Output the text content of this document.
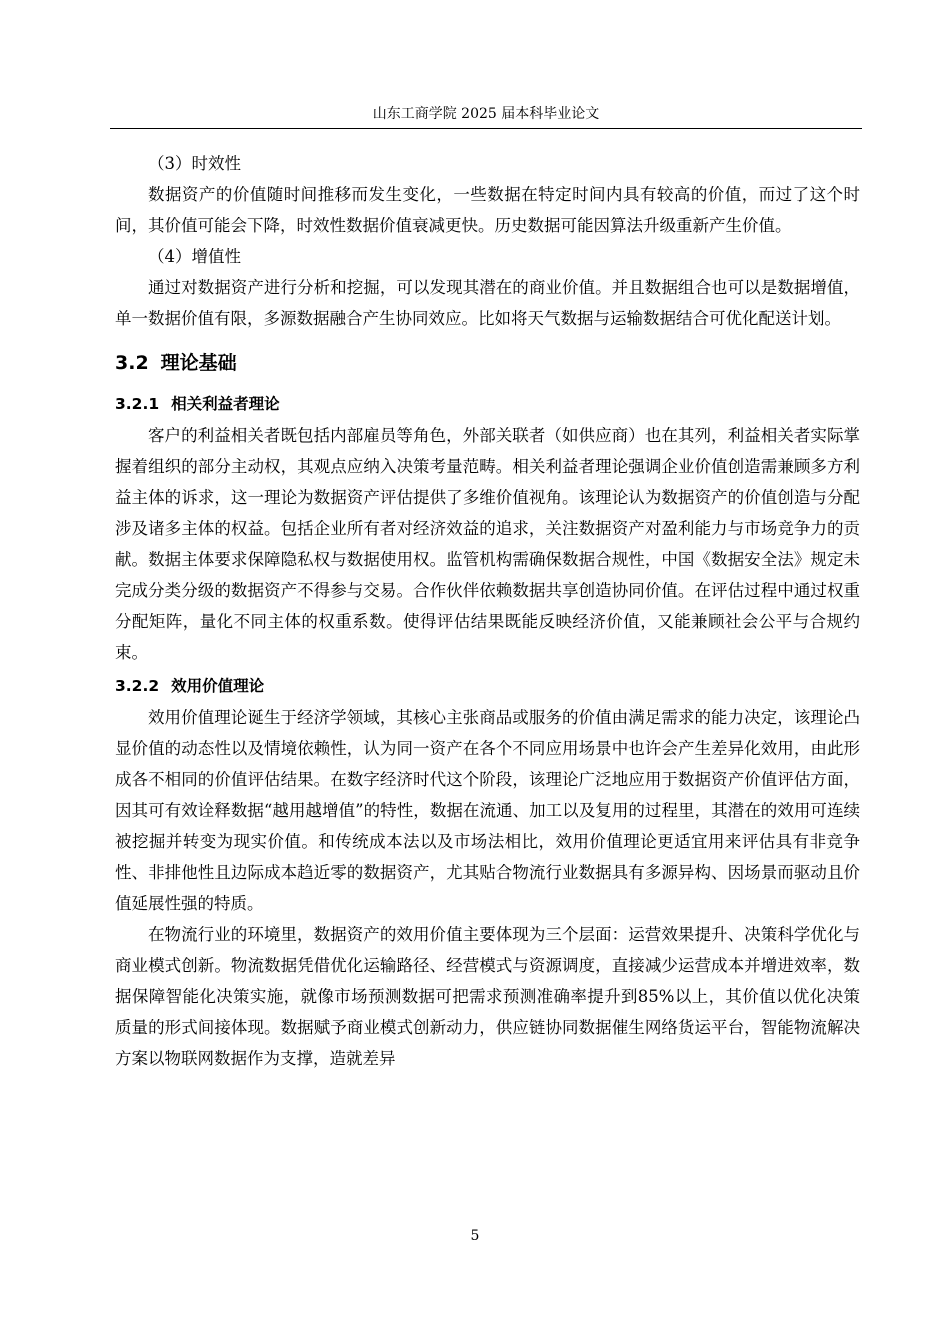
山东工商学院 2025 届本科毕业论文

（3）时效性

数据资产的价值随时间推移而发生变化，一些数据在特定时间内具有较高的价值，而过了这个时间，其价值可能会下降，时效性数据价值衰减更快。历史数据可能因算法升级重新产生价值。

（4）增值性

通过对数据资产进行分析和挖掘，可以发现其潜在的商业价值。并且数据组合也可以是数据增值，单一数据价值有限，多源数据融合产生协同效应。比如将天气数据与运输数据结合可优化配送计划。

3.2 理论基础
3.2.1 相关利益者理论

客户的利益相关者既包括内部雇员等角色，外部关联者（如供应商）也在其列，利益相关者实际掌握着组织的部分主动权，其观点应纳入决策考量范畴。相关利益者理论强调企业价值创造需兼顾多方利益主体的诉求，这一理论为数据资产评估提供了多维价值视角。该理论认为数据资产的价值创造与分配涉及诸多主体的权益。包括企业所有者对经济效益的追求，关注数据资产对盈利能力与市场竞争力的贡献。数据主体要求保障隐私权与数据使用权。监管机构需确保数据合规性，中国《数据安全法》规定未完成分类分级的数据资产不得参与交易。合作伙伴依赖数据共享创造协同价值。在评估过程中通过权重分配矩阵，量化不同主体的权重系数。使得评估结果既能反映经济价值，又能兼顾社会公平与合规约束。

3.2.2 效用价值理论

效用价值理论诞生于经济学领域，其核心主张商品或服务的价值由满足需求的能力决定，该理论凸显价值的动态性以及情境依赖性，认为同一资产在各个不同应用场景中也许会产生差异化效用，由此形成各不相同的价值评估结果。在数字经济时代这个阶段，该理论广泛地应用于数据资产价值评估方面，因其可有效诠释数据“越用越增值”的特性，数据在流通、加工以及复用的过程里，其潜在的效用可连续被挖掘并转变为现实价值。和传统成本法以及市场法相比，效用价值理论更适宜用来评估具有非竞争性、非排他性且边际成本趋近零的数据资产，尤其贴合物流行业数据具有多源异构、因场景而驱动且价值延展性强的特质。

在物流行业的环境里，数据资产的效用价值主要体现为三个层面：运营效果提升、决策科学优化与商业模式创新。物流数据凭借优化运输路径、经营模式与资源调度，直接减少运营成本并增进效率，数据保障智能化决策实施，就像市场预测数据可把需求预测准确率提升到85%以上，其价值以优化决策质量的形式间接体现。数据赋予商业模式创新动力，供应链协同数据催生网络货运平台，智能物流解决方案以物联网数据作为支撑，造就差异

5
